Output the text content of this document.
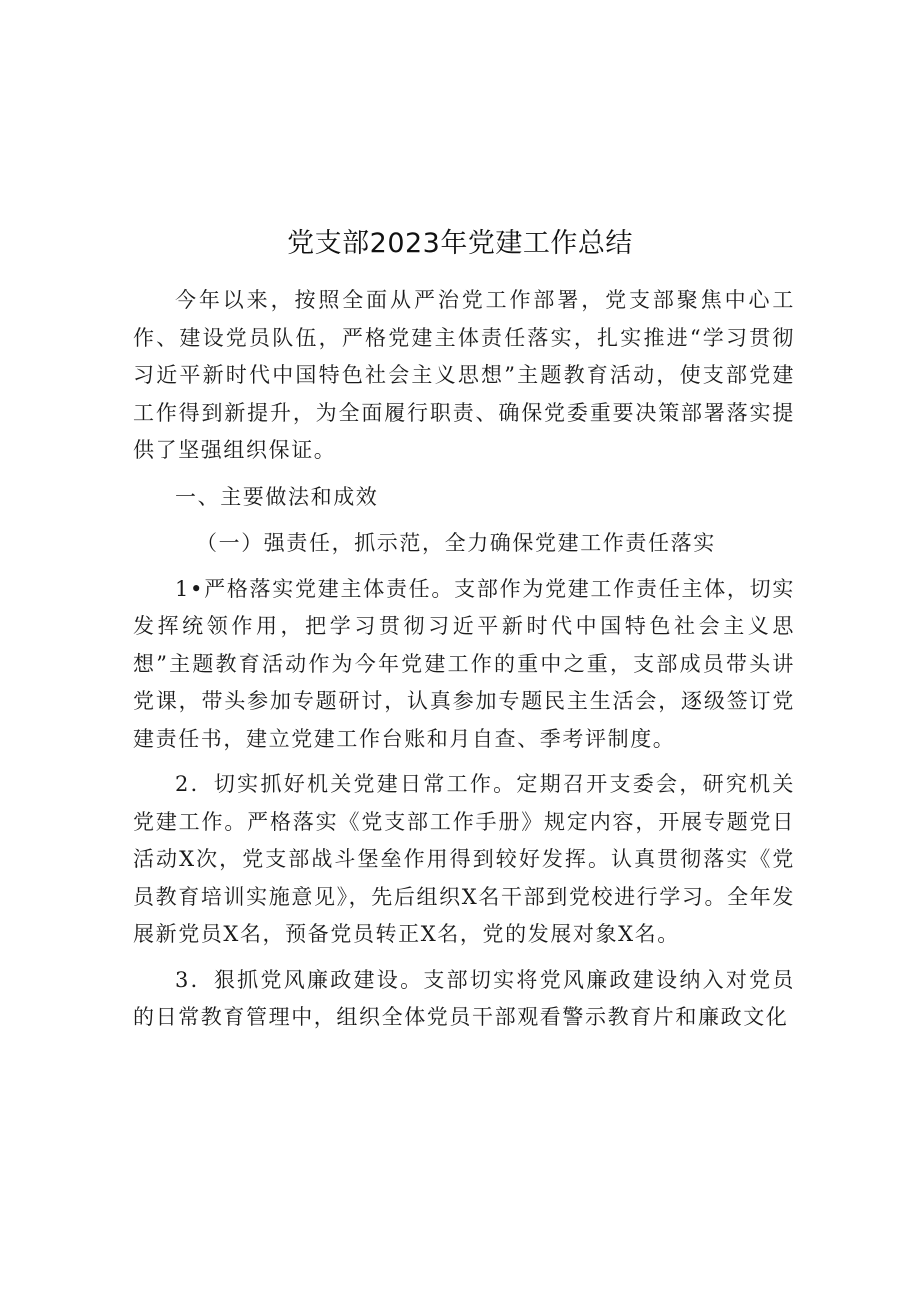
党支部2023年党建工作总结

今年以来，按照全面从严治党工作部署，党支部聚焦中心工作、建设党员队伍，严格党建主体责任落实，扎实推进“学习贯彻习近平新时代中国特色社会主义思想”主题教育活动，使支部党建工作得到新提升，为全面履行职责、确保党委重要决策部署落实提供了坚强组织保证。

一、主要做法和成效

（一）强责任，抓示范，全力确保党建工作责任落实

1•严格落实党建主体责任。支部作为党建工作责任主体，切实发挥统领作用，把学习贯彻习近平新时代中国特色社会主义思想”主题教育活动作为今年党建工作的重中之重，支部成员带头讲党课，带头参加专题研讨，认真参加专题民主生活会，逐级签订党建责任书，建立党建工作台账和月自查、季考评制度。

2．切实抓好机关党建日常工作。定期召开支委会，研究机关党建工作。严格落实《党支部工作手册》规定内容，开展专题党日活动X次，党支部战斗堡垒作用得到较好发挥。认真贯彻落实《党员教育培训实施意见》，先后组织X名干部到党校进行学习。全年发展新党员X名，预备党员转正X名，党的发展对象X名。

3．狠抓党风廉政建设。支部切实将党风廉政建设纳入对党员的日常教育管理中，组织全体党员干部观看警示教育片和廉政文化
